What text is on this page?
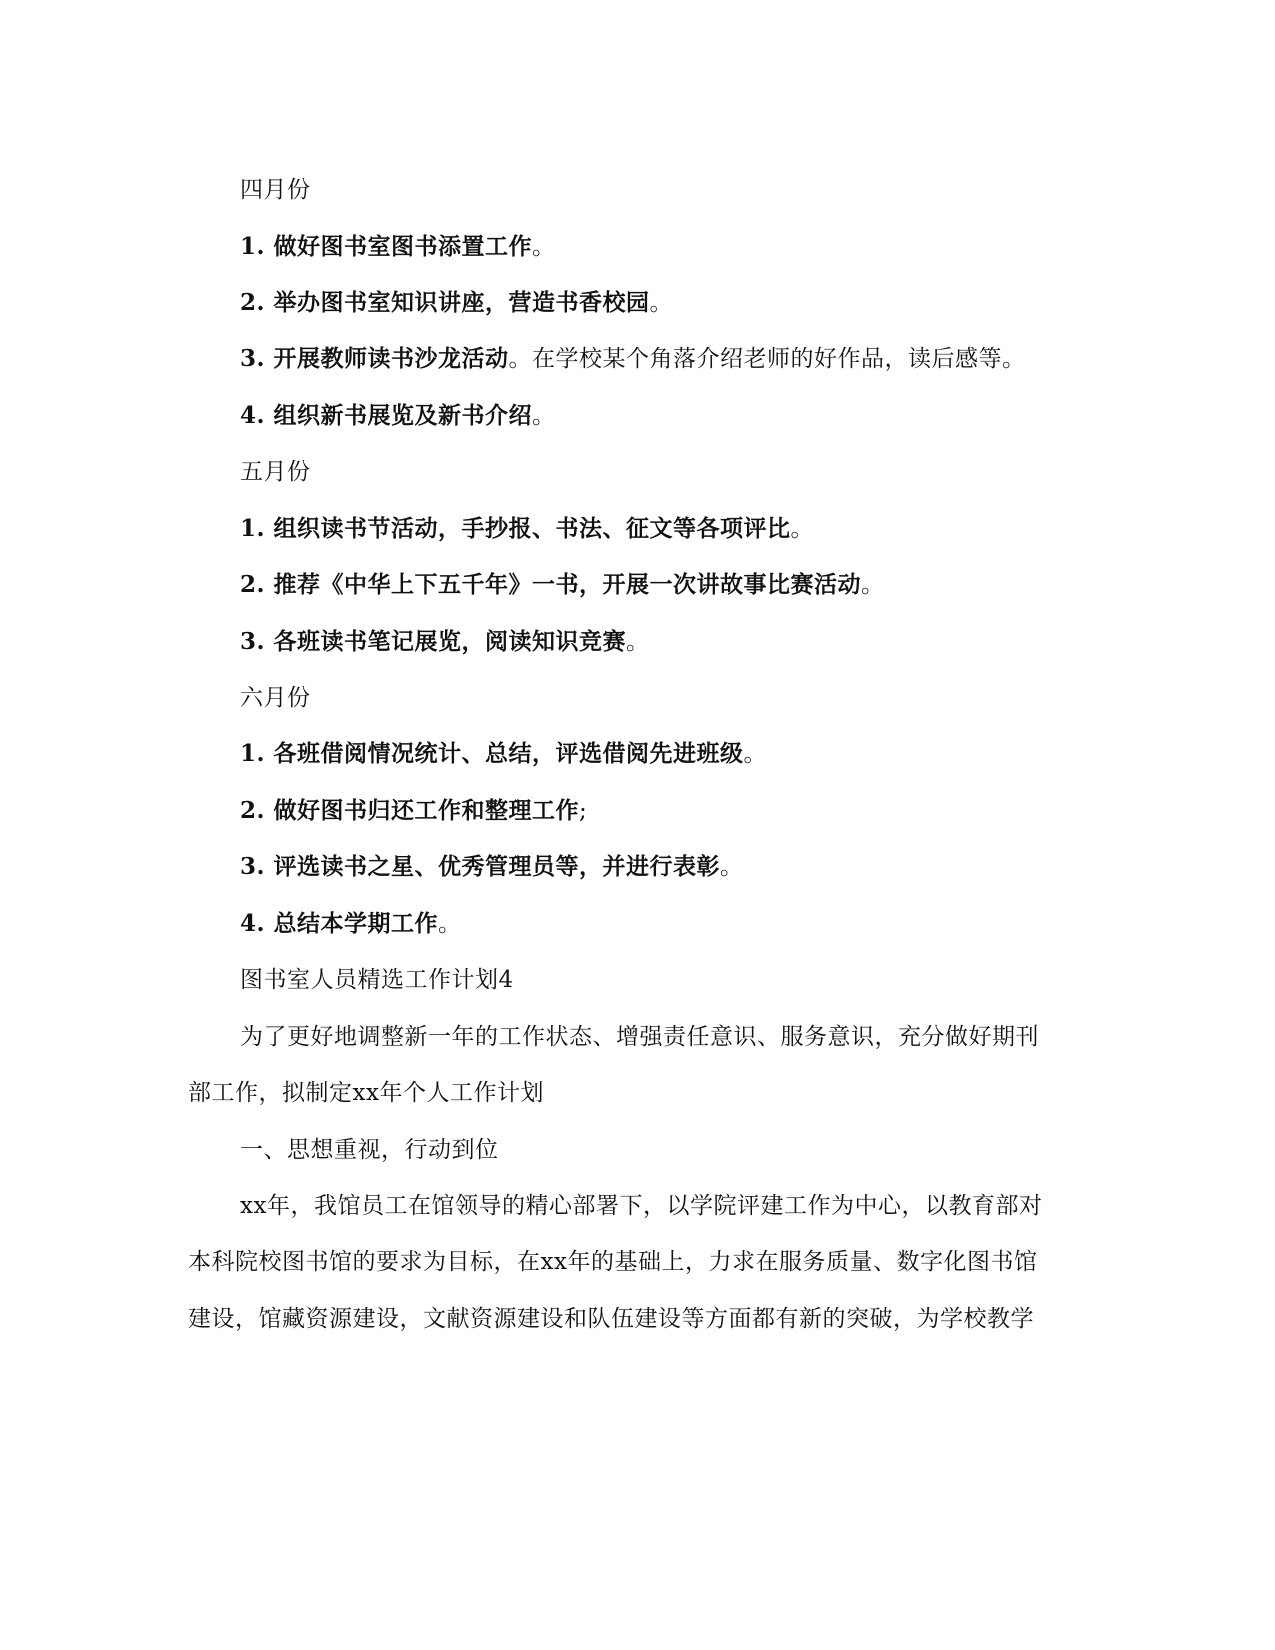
四月份
1. 做好图书室图书添置工作。
2. 举办图书室知识讲座，营造书香校园。
3. 开展教师读书沙龙活动。在学校某个角落介绍老师的好作品，读后感等。
4. 组织新书展览及新书介绍。
五月份
1. 组织读书节活动，手抄报、书法、征文等各项评比。
2. 推荐《中华上下五千年》一书，开展一次讲故事比赛活动。
3. 各班读书笔记展览，阅读知识竞赛。
六月份
1. 各班借阅情况统计、总结，评选借阅先进班级。
2. 做好图书归还工作和整理工作;
3. 评选读书之星、优秀管理员等，并进行表彰。
4. 总结本学期工作。
图书室人员精选工作计划4
为了更好地调整新一年的工作状态、增强责任意识、服务意识，充分做好期刊
部工作，拟制定xx年个人工作计划
一、思想重视，行动到位
xx年，我馆员工在馆领导的精心部署下，以学院评建工作为中心，以教育部对
本科院校图书馆的要求为目标，在xx年的基础上，力求在服务质量、数字化图书馆
建设，馆藏资源建设，文献资源建设和队伍建设等方面都有新的突破，为学校教学
